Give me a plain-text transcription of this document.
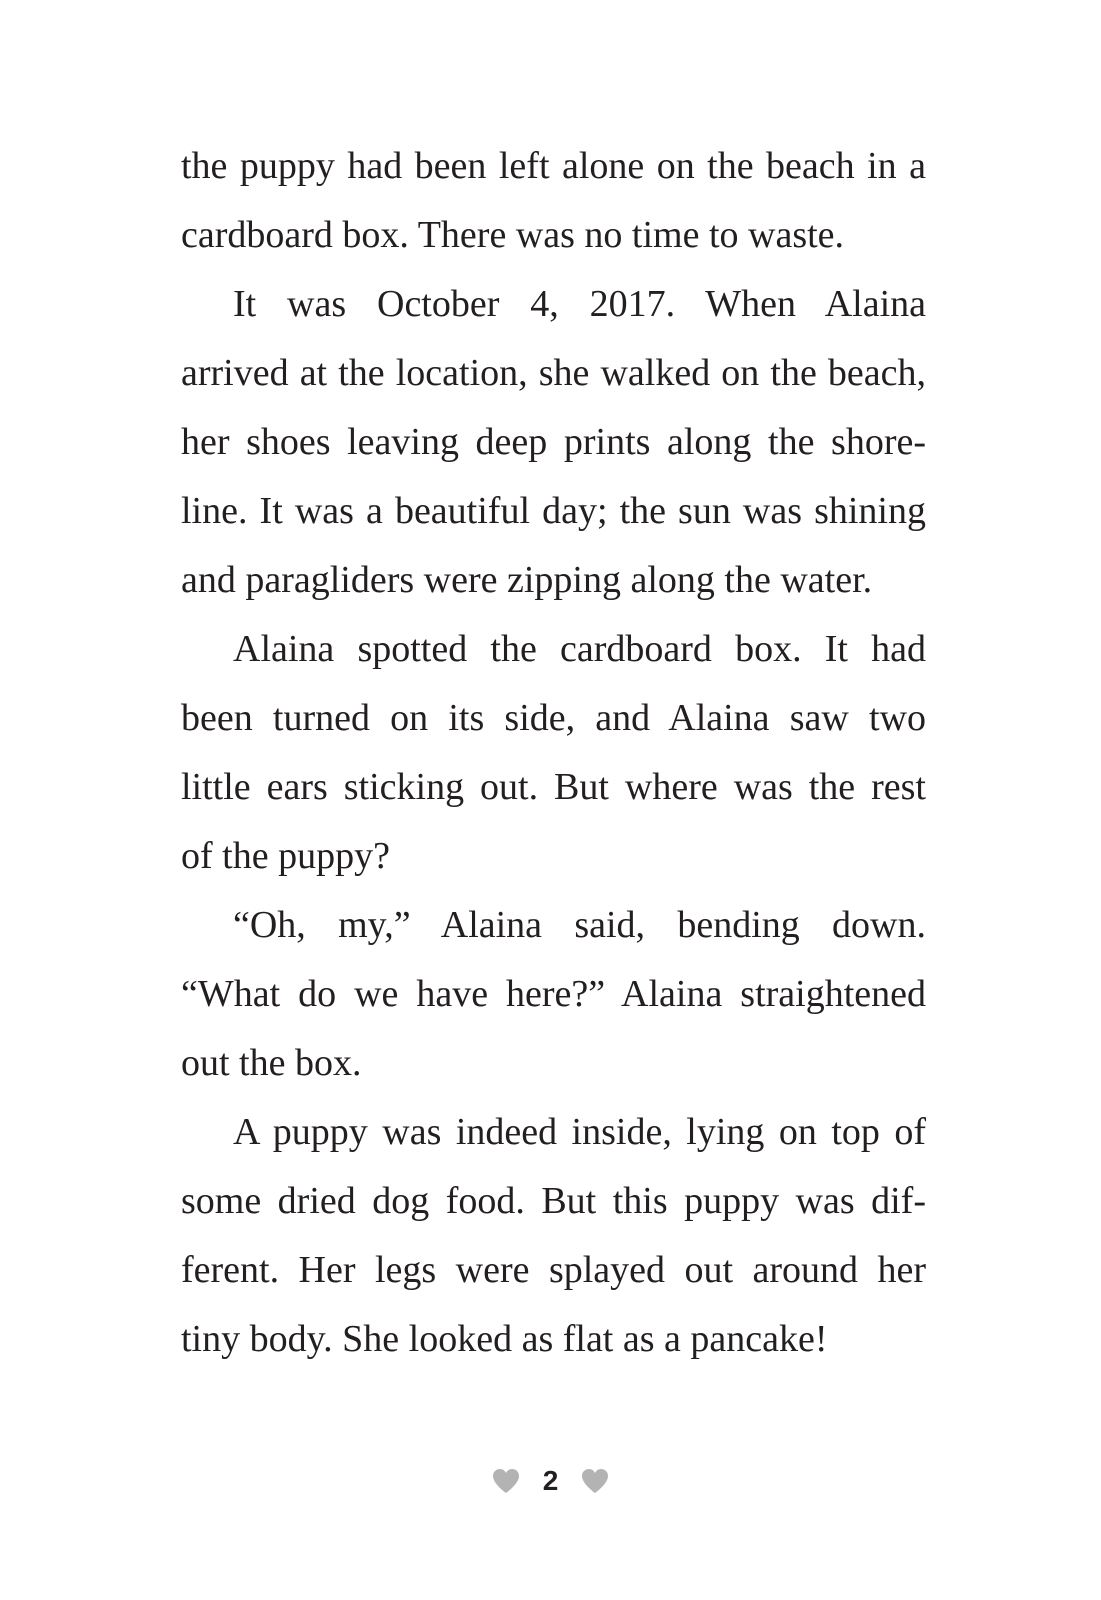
the puppy had been left alone on the beach in a
cardboard box. There was no time to waste.
It was October 4, 2017. When Alaina
arrived at the location, she walked on the beach,
her shoes leaving deep prints along the shore-
line. It was a beautiful day; the sun was shining
and paragliders were zipping along the water.
Alaina spotted the cardboard box. It had
been turned on its side, and Alaina saw two
little ears sticking out. But where was the rest
of the puppy?
“Oh, my,” Alaina said, bending down.
“What do we have here?” Alaina straightened
out the box.
A puppy was indeed inside, lying on top of
some dried dog food. But this puppy was dif-
ferent. Her legs were splayed out around her
tiny body. She looked as flat as a pancake!
2
